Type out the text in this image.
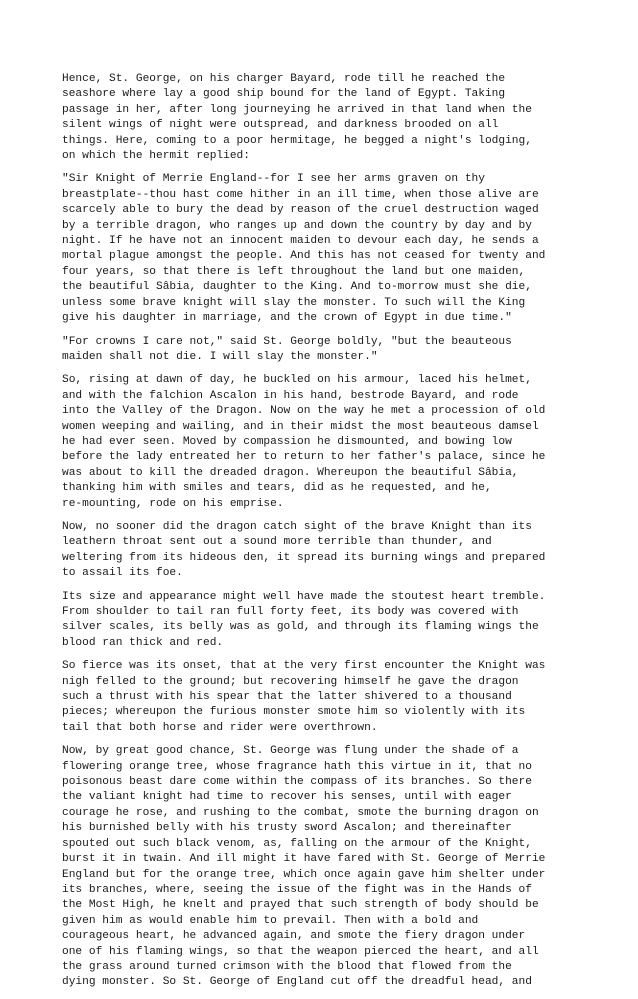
Hence, St. George, on his charger Bayard, rode till he reached the
seashore where lay a good ship bound for the land of Egypt. Taking
passage in her, after long journeying he arrived in that land when the
silent wings of night were outspread, and darkness brooded on all
things. Here, coming to a poor hermitage, he begged a night's lodging,
on which the hermit replied:

"Sir Knight of Merrie England--for I see her arms graven on thy
breastplate--thou hast come hither in an ill time, when those alive are
scarcely able to bury the dead by reason of the cruel destruction waged
by a terrible dragon, who ranges up and down the country by day and by
night. If he have not an innocent maiden to devour each day, he sends a
mortal plague amongst the people. And this has not ceased for twenty and
four years, so that there is left throughout the land but one maiden,
the beautiful Sâbia, daughter to the King. And to-morrow must she die,
unless some brave knight will slay the monster. To such will the King
give his daughter in marriage, and the crown of Egypt in due time."

"For crowns I care not," said St. George boldly, "but the beauteous
maiden shall not die. I will slay the monster."

So, rising at dawn of day, he buckled on his armour, laced his helmet,
and with the falchion Ascalon in his hand, bestrode Bayard, and rode
into the Valley of the Dragon. Now on the way he met a procession of old
women weeping and wailing, and in their midst the most beauteous damsel
he had ever seen. Moved by compassion he dismounted, and bowing low
before the lady entreated her to return to her father's palace, since he
was about to kill the dreaded dragon. Whereupon the beautiful Sâbia,
thanking him with smiles and tears, did as he requested, and he,
re-mounting, rode on his emprise.

Now, no sooner did the dragon catch sight of the brave Knight than its
leathern throat sent out a sound more terrible than thunder, and
weltering from its hideous den, it spread its burning wings and prepared
to assail its foe.

Its size and appearance might well have made the stoutest heart tremble.
From shoulder to tail ran full forty feet, its body was covered with
silver scales, its belly was as gold, and through its flaming wings the
blood ran thick and red.

So fierce was its onset, that at the very first encounter the Knight was
nigh felled to the ground; but recovering himself he gave the dragon
such a thrust with his spear that the latter shivered to a thousand
pieces; whereupon the furious monster smote him so violently with its
tail that both horse and rider were overthrown.

Now, by great good chance, St. George was flung under the shade of a
flowering orange tree, whose fragrance hath this virtue in it, that no
poisonous beast dare come within the compass of its branches. So there
the valiant knight had time to recover his senses, until with eager
courage he rose, and rushing to the combat, smote the burning dragon on
his burnished belly with his trusty sword Ascalon; and thereinafter
spouted out such black venom, as, falling on the armour of the Knight,
burst it in twain. And ill might it have fared with St. George of Merrie
England but for the orange tree, which once again gave him shelter under
its branches, where, seeing the issue of the fight was in the Hands of
the Most High, he knelt and prayed that such strength of body should be
given him as would enable him to prevail. Then with a bold and
courageous heart, he advanced again, and smote the fiery dragon under
one of his flaming wings, so that the weapon pierced the heart, and all
the grass around turned crimson with the blood that flowed from the
dying monster. So St. George of England cut off the dreadful head, and
